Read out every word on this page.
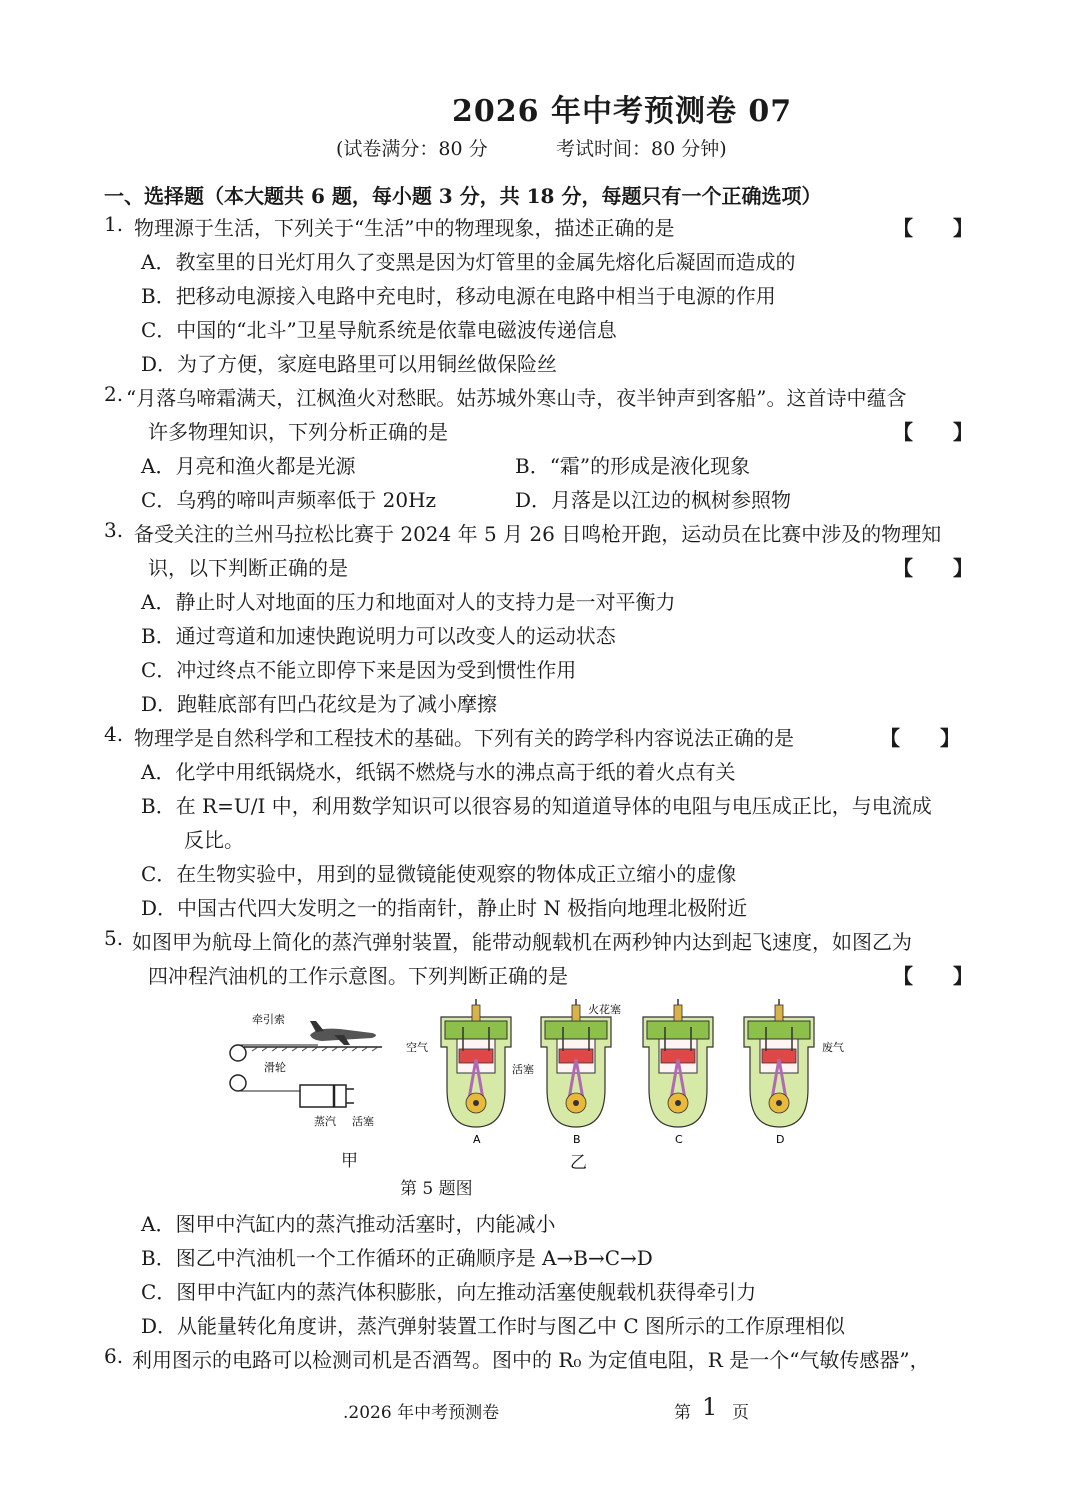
2026 年中考预测卷 07
(试卷满分：80 分	考试时间：80 分钟)
一、选择题（本大题共 6 题，每小题 3 分，共 18 分，每题只有一个正确选项）
1. 物理源于生活，下列关于“生活”中的物理现象，描述正确的是	【　　】
A．教室里的日光灯用久了变黑是因为灯管里的金属先熔化后凝固而造成的
B．把移动电源接入电路中充电时，移动电源在电路中相当于电源的作用
C．中国的“北斗”卫星导航系统是依靠电磁波传递信息
D．为了方便，家庭电路里可以用铜丝做保险丝
2. “月落乌啼霜满天，江枫渔火对愁眠。姑苏城外寒山寺，夜半钟声到客船”。这首诗中蕴含
许多物理知识，下列分析正确的是	【　　】
A．月亮和渔火都是光源	B．“霜”的形成是液化现象
C．乌鸦的啼叫声频率低于 20Hz	D．月落是以江边的枫树参照物
3. 备受关注的兰州马拉松比赛于 2024 年 5 月 26 日鸣枪开跑，运动员在比赛中涉及的物理知
识，以下判断正确的是	【　　】
A．静止时人对地面的压力和地面对人的支持力是一对平衡力
B．通过弯道和加速快跑说明力可以改变人的运动状态
C．冲过终点不能立即停下来是因为受到惯性作用
D．跑鞋底部有凹凸花纹是为了减小摩擦
4. 物理学是自然科学和工程技术的基础。下列有关的跨学科内容说法正确的是	【　　】
A．化学中用纸锅烧水，纸锅不燃烧与水的沸点高于纸的着火点有关
B．在 R=U/I 中，利用数学知识可以很容易的知道道导体的电阻与电压成正比，与电流成
反比。
C．在生物实验中，用到的显微镜能使观察的物体成正立缩小的虚像
D．中国古代四大发明之一的指南针，静止时 N 极指向地理北极附近
5. 如图甲为航母上简化的蒸汽弹射装置，能带动舰载机在两秒钟内达到起飞速度，如图乙为
四冲程汽油机的工作示意图。下列判断正确的是	【　　】
牵引索
滑轮
蒸汽 活塞
甲
火花塞
空气
活塞
废气
A	B	C	D
乙
第 5 题图
A．图甲中汽缸内的蒸汽推动活塞时，内能减小
B．图乙中汽油机一个工作循环的正确顺序是 A→B→C→D
C．图甲中汽缸内的蒸汽体积膨胀，向左推动活塞使舰载机获得牵引力
D．从能量转化角度讲，蒸汽弹射装置工作时与图乙中 C 图所示的工作原理相似
6. 利用图示的电路可以检测司机是否酒驾。图中的 R₀ 为定值电阻，R 是一个“气敏传感器”，
.2026 年中考预测卷	第 1 页
